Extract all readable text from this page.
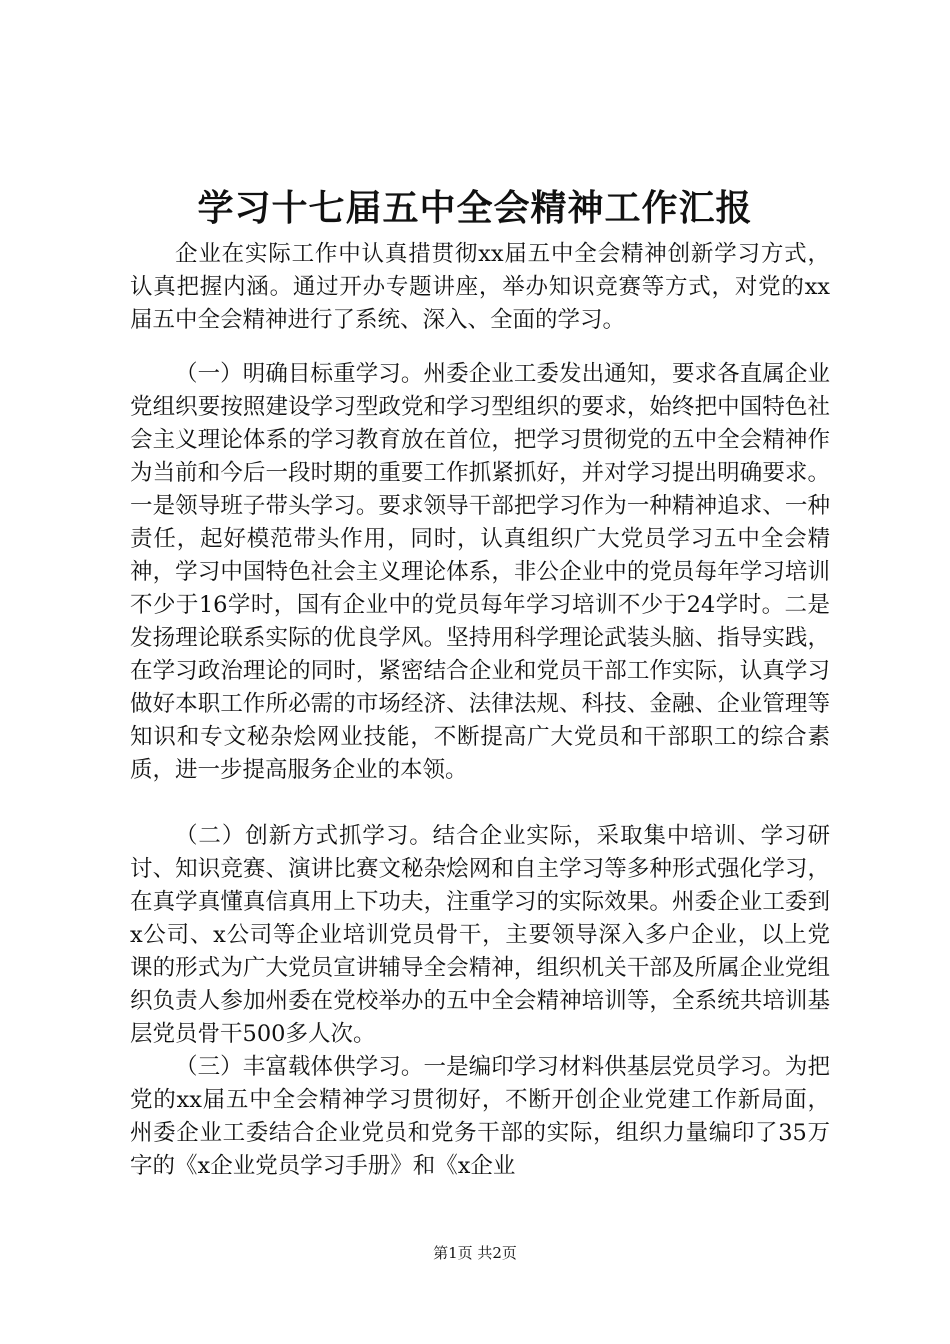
学习十七届五中全会精神工作汇报

企业在实际工作中认真措贯彻xx届五中全会精神创新学习方式，认真把握内涵。通过开办专题讲座，举办知识竞赛等方式，对党的xx届五中全会精神进行了系统、深入、全面的学习。

（一）明确目标重学习。州委企业工委发出通知，要求各直属企业党组织要按照建设学习型政党和学习型组织的要求，始终把中国特色社会主义理论体系的学习教育放在首位，把学习贯彻党的五中全会精神作为当前和今后一段时期的重要工作抓紧抓好，并对学习提出明确要求。一是领导班子带头学习。要求领导干部把学习作为一种精神追求、一种责任，起好模范带头作用，同时，认真组织广大党员学习五中全会精神，学习中国特色社会主义理论体系，非公企业中的党员每年学习培训不少于16学时，国有企业中的党员每年学习培训不少于24学时。二是发扬理论联系实际的优良学风。坚持用科学理论武装头脑、指导实践，在学习政治理论的同时，紧密结合企业和党员干部工作实际，认真学习做好本职工作所必需的市场经济、法律法规、科技、金融、企业管理等知识和专文秘杂烩网业技能，不断提高广大党员和干部职工的综合素质，进一步提高服务企业的本领。

（二）创新方式抓学习。结合企业实际，采取集中培训、学习研讨、知识竞赛、演讲比赛文秘杂烩网和自主学习等多种形式强化学习，在真学真懂真信真用上下功夫，注重学习的实际效果。州委企业工委到x公司、x公司等企业培训党员骨干，主要领导深入多户企业，以上党课的形式为广大党员宣讲辅导全会精神，组织机关干部及所属企业党组织负责人参加州委在党校举办的五中全会精神培训等，全系统共培训基层党员骨干500多人次。

（三）丰富载体供学习。一是编印学习材料供基层党员学习。为把党的xx届五中全会精神学习贯彻好，不断开创企业党建工作新局面，州委企业工委结合企业党员和党务干部的实际，组织力量编印了35万字的《x企业党员学习手册》和《x企业

第1页 共2页
